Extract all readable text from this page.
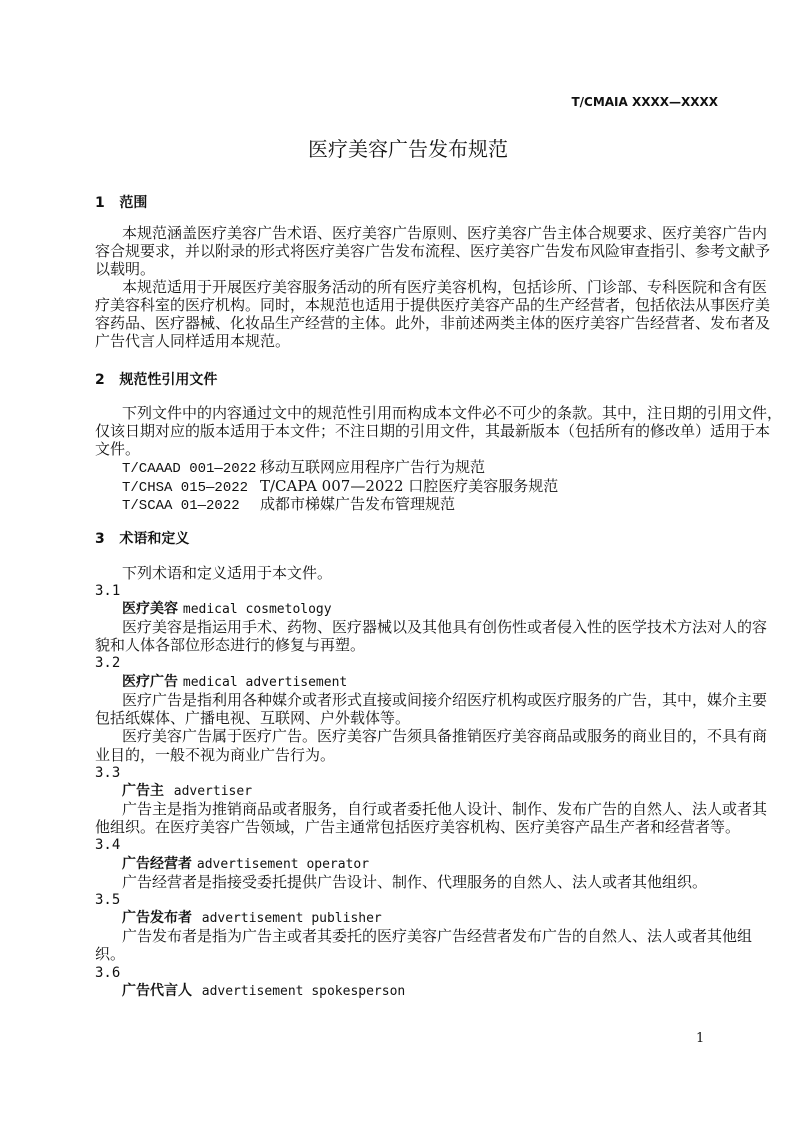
T/CMAIA XXXX—XXXX
医疗美容广告发布规范
1 范围
本规范涵盖医疗美容广告术语、医疗美容广告原则、医疗美容广告主体合规要求、医疗美容广告内
容合规要求，并以附录的形式将医疗美容广告发布流程、医疗美容广告发布风险审查指引、参考文献予
以载明。
本规范适用于开展医疗美容服务活动的所有医疗美容机构，包括诊所、门诊部、专科医院和含有医
疗美容科室的医疗机构。同时，本规范也适用于提供医疗美容产品的生产经营者，包括依法从事医疗美
容药品、医疗器械、化妆品生产经营的主体。此外，非前述两类主体的医疗美容广告经营者、发布者及
广告代言人同样适用本规范。
2 规范性引用文件
下列文件中的内容通过文中的规范性引用而构成本文件必不可少的条款。其中，注日期的引用文件，
仅该日期对应的版本适用于本文件；不注日期的引用文件，其最新版本（包括所有的修改单）适用于本
文件。
T/CAAAD 001—2022 移动互联网应用程序广告行为规范
T/CHSA 015—2022 T/CAPA 007—2022 口腔医疗美容服务规范
T/SCAA 01—2022 成都市梯媒广告发布管理规范
3 术语和定义
下列术语和定义适用于本文件。
3.1
医疗美容 medical cosmetology
医疗美容是指运用手术、药物、医疗器械以及其他具有创伤性或者侵入性的医学技术方法对人的容
貌和人体各部位形态进行的修复与再塑。
3.2
医疗广告 medical advertisement
医疗广告是指利用各种媒介或者形式直接或间接介绍医疗机构或医疗服务的广告，其中，媒介主要
包括纸媒体、广播电视、互联网、户外载体等。
医疗美容广告属于医疗广告。医疗美容广告须具备推销医疗美容商品或服务的商业目的，不具有商
业目的，一般不视为商业广告行为。
3.3
广告主 advertiser
广告主是指为推销商品或者服务，自行或者委托他人设计、制作、发布广告的自然人、法人或者其
他组织。在医疗美容广告领域，广告主通常包括医疗美容机构、医疗美容产品生产者和经营者等。
3.4
广告经营者 advertisement operator
广告经营者是指接受委托提供广告设计、制作、代理服务的自然人、法人或者其他组织。
3.5
广告发布者 advertisement publisher
广告发布者是指为广告主或者其委托的医疗美容广告经营者发布广告的自然人、法人或者其他组
织。
3.6
广告代言人 advertisement spokesperson
1
